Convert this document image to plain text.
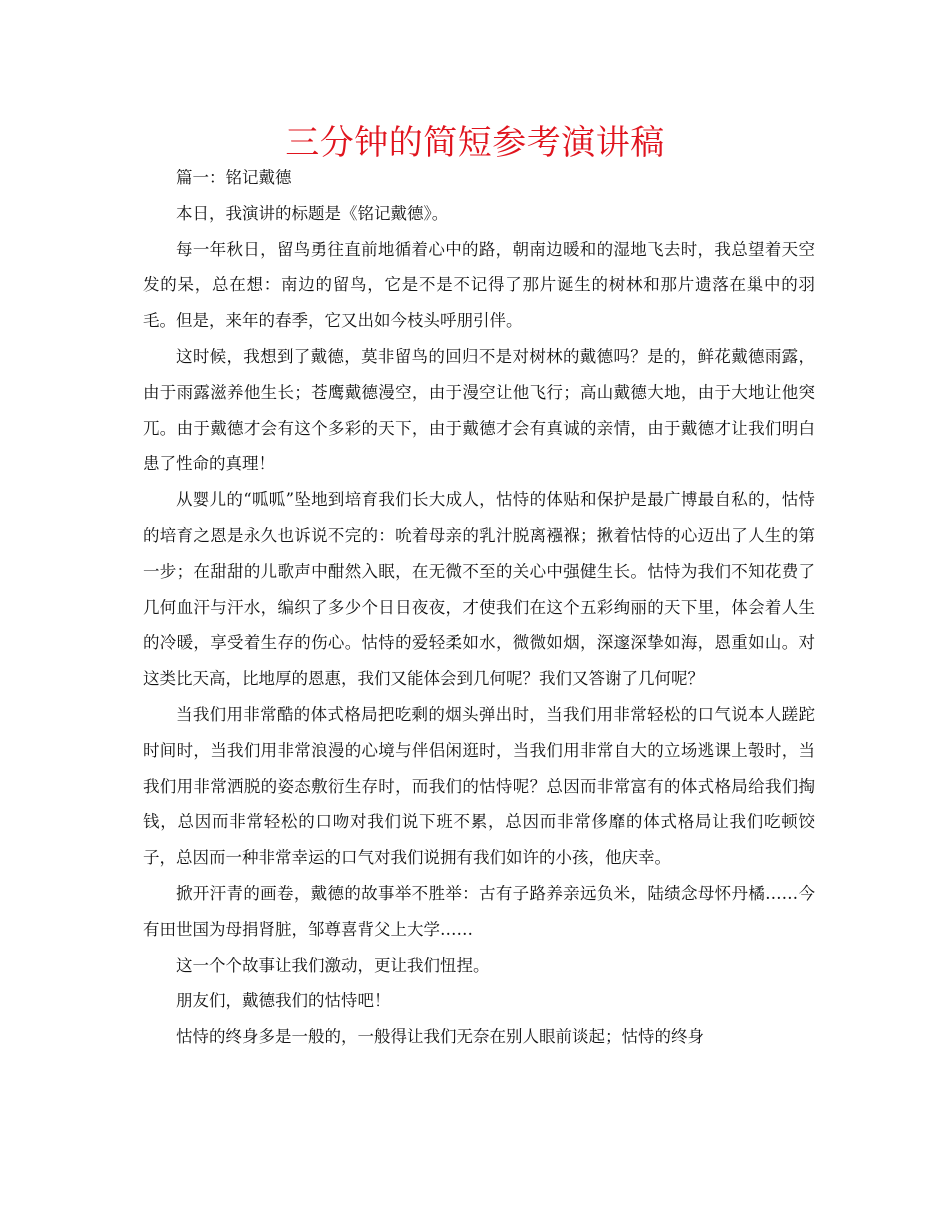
三分钟的简短参考演讲稿

篇一：铭记戴德

本日，我演讲的标题是《铭记戴德》。

每一年秋日，留鸟勇往直前地循着心中的路，朝南边暖和的湿地飞去时，我总望着天空发的呆，总在想：南边的留鸟，它是不是不记得了那片诞生的树林和那片遗落在巢中的羽毛。但是，来年的春季，它又出如今枝头呼朋引伴。

这时候，我想到了戴德，莫非留鸟的回归不是对树林的戴德吗？是的，鲜花戴德雨露，由于雨露滋养他生长；苍鹰戴德漫空，由于漫空让他飞行；高山戴德大地，由于大地让他突兀。由于戴德才会有这个多彩的天下，由于戴德才会有真诚的亲情，由于戴德才让我们明白患了性命的真理！

从婴儿的“呱呱”坠地到培育我们长大成人，怙恃的体贴和保护是最广博最自私的，怙恃的培育之恩是永久也诉说不完的：吮着母亲的乳汁脱离襁褓；揪着怙恃的心迈出了人生的第一步；在甜甜的儿歌声中酣然入眠，在无微不至的关心中强健生长。怙恃为我们不知花费了几何血汗与汗水，编织了多少个日日夜夜，才使我们在这个五彩绚丽的天下里，体会着人生的冷暖，享受着生存的伤心。怙恃的爱轻柔如水，微微如烟，深邃深挚如海，恩重如山。对这类比天高，比地厚的恩惠，我们又能体会到几何呢？我们又答谢了几何呢？

当我们用非常酷的体式格局把吃剩的烟头弹出时，当我们用非常轻松的口气说本人蹉跎时间时，当我们用非常浪漫的心境与伴侣闲逛时，当我们用非常自大的立场逃课上彀时，当我们用非常洒脱的姿态敷衍生存时，而我们的怙恃呢？总因而非常富有的体式格局给我们掏钱，总因而非常轻松的口吻对我们说下班不累，总因而非常侈靡的体式格局让我们吃顿饺子，总因而一种非常幸运的口气对我们说拥有我们如许的小孩，他庆幸。

掀开汗青的画卷，戴德的故事举不胜举：古有子路养亲远负米，陆绩念母怀丹橘……今有田世国为母捐肾脏，邹尊喜背父上大学……

这一个个故事让我们激动，更让我们忸捏。

朋友们，戴德我们的怙恃吧！

怙恃的终身多是一般的，一般得让我们无奈在别人眼前谈起；怙恃的终身
